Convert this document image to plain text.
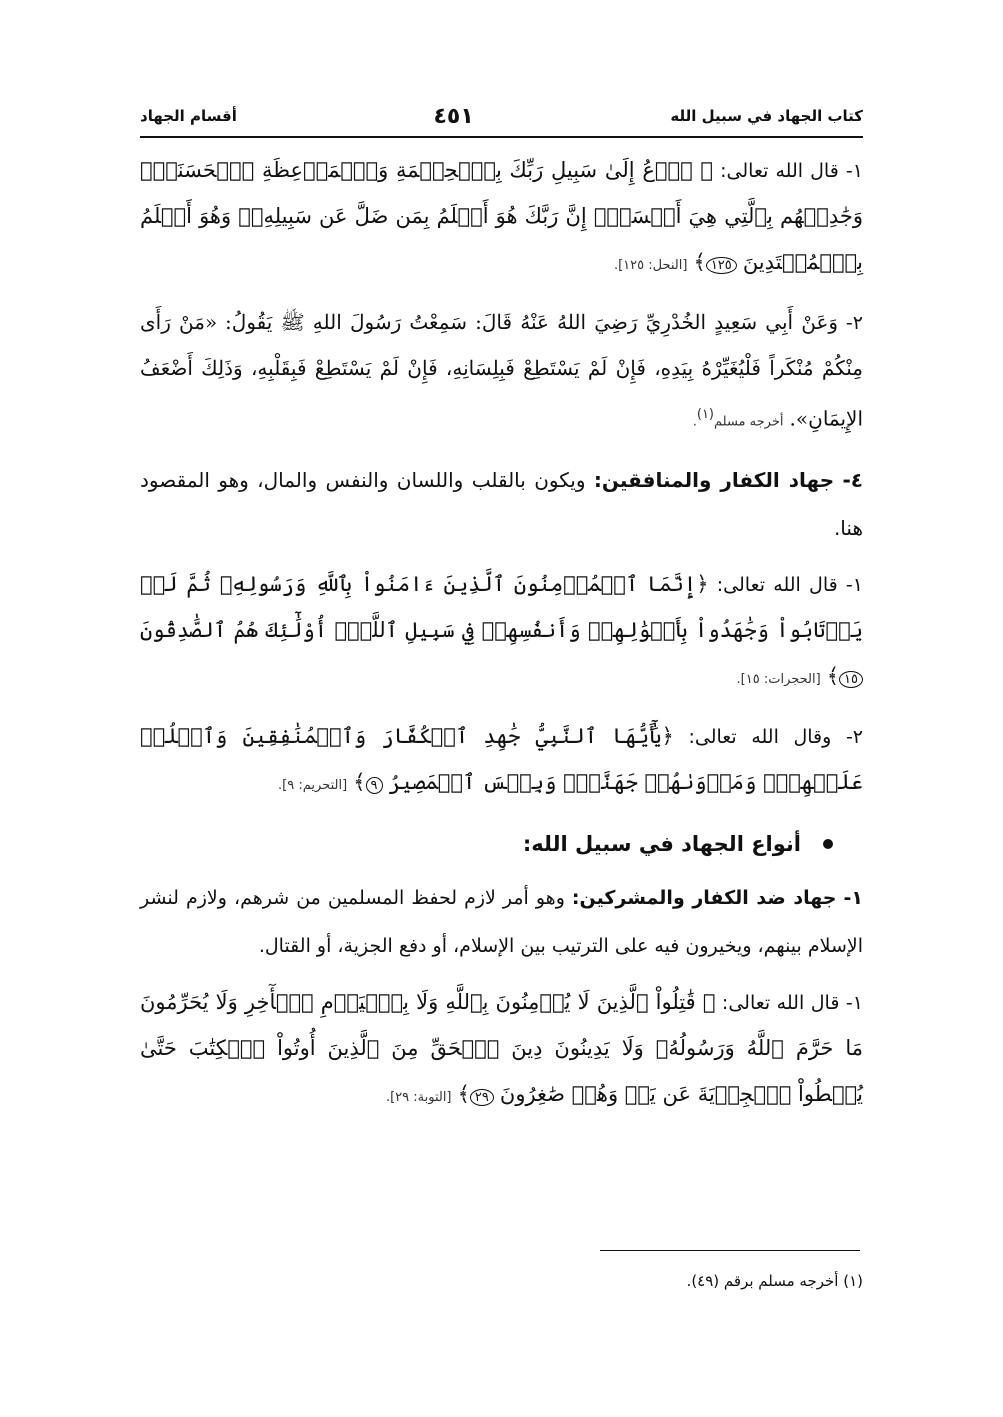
كتاب الجهاد في سبيل الله
٤٥١
أقسام الجهاد
١- قال الله تعالى: ﴿ ٱدۡعُ إِلَىٰ سَبِيلِ رَبِّكَ بِٱلۡحِكۡمَةِ وَٱلۡمَوۡعِظَةِ ٱلۡحَسَنَةِۖ وَجَٰدِلۡهُم بِٱلَّتِي هِيَ أَحۡسَنُۚ إِنَّ رَبَّكَ هُوَ أَعۡلَمُ بِمَن ضَلَّ عَن سَبِيلِهِۦۖ وَهُوَ أَعۡلَمُ بِٱلۡمُهۡتَدِينَ ١٢٥﴾ [النحل: ١٢٥].
٢- وَعَنْ أَبِي سَعِيدٍ الخُدْرِيِّ رَضِيَ اللهُ عَنْهُ قَالَ: سَمِعْتُ رَسُولَ اللهِ ﷺ يَقُولُ: «مَنْ رَأَى مِنْكُمْ مُنْكَراً فَلْيُغَيِّرْهُ بِيَدِهِ، فَإِنْ لَمْ يَسْتَطِعْ فَبِلِسَانِهِ، فَإِنْ لَمْ يَسْتَطِعْ فَبِقَلْبِهِ، وَذَلِكَ أَضْعَفُ الإِيمَانِ». أخرجه مسلم$^{(١)}$.
٤- جهاد الكفار والمنافقين: ويكون بالقلب واللسان والنفس والمال، وهو المقصود هنا.
١- قال الله تعالى: ﴿إِنَّمَا ٱلۡمُؤۡمِنُونَ ٱلَّذِينَ ءَامَنُواْ بِٱللَّهِ وَرَسُولِهِۦ ثُمَّ لَمۡ يَرۡتَابُواْ وَجَٰهَدُواْ بِأَمۡوَٰلِهِمۡ وَأَنفُسِهِمۡ فِي سَبِيلِ ٱللَّهِۚ أُوْلَٰٓئِكَ هُمُ ٱلصَّٰدِقُونَ ١٥﴾ [الحجرات: ١٥].
٢- وقال الله تعالى: ﴿يَٰٓأَيُّهَا ٱلنَّبِيُّ جَٰهِدِ ٱلۡكُفَّارَ وَٱلۡمُنَٰفِقِينَ وَٱغۡلُظۡ عَلَيۡهِمۡۚ وَمَأۡوَىٰهُمۡ جَهَنَّمُۖ وَبِئۡسَ ٱلۡمَصِيرُ ٩﴾ [التحريم: ٩].
أنواع الجهاد في سبيل الله:
١- جهاد ضد الكفار والمشركين: وهو أمر لازم لحفظ المسلمين من شرهم، ولازم لنشر الإسلام بينهم، ويخيرون فيه على الترتيب بين الإسلام، أو دفع الجزية، أو القتال.
١- قال الله تعالى: ﴿ قَٰتِلُواْ ٱلَّذِينَ لَا يُؤۡمِنُونَ بِٱللَّهِ وَلَا بِٱلۡيَوۡمِ ٱلۡأٓخِرِ وَلَا يُحَرِّمُونَ مَا حَرَّمَ ٱللَّهُ وَرَسُولُهُۥ وَلَا يَدِينُونَ دِينَ ٱلۡحَقِّ مِنَ ٱلَّذِينَ أُوتُواْ ٱلۡكِتَٰبَ حَتَّىٰ يُعۡطُواْ ٱلۡجِزۡيَةَ عَن يَدٖ وَهُمۡ صَٰغِرُونَ ٢٩﴾ [التوبة: ٢٩].
(١) أخرجه مسلم برقم (٤٩).
